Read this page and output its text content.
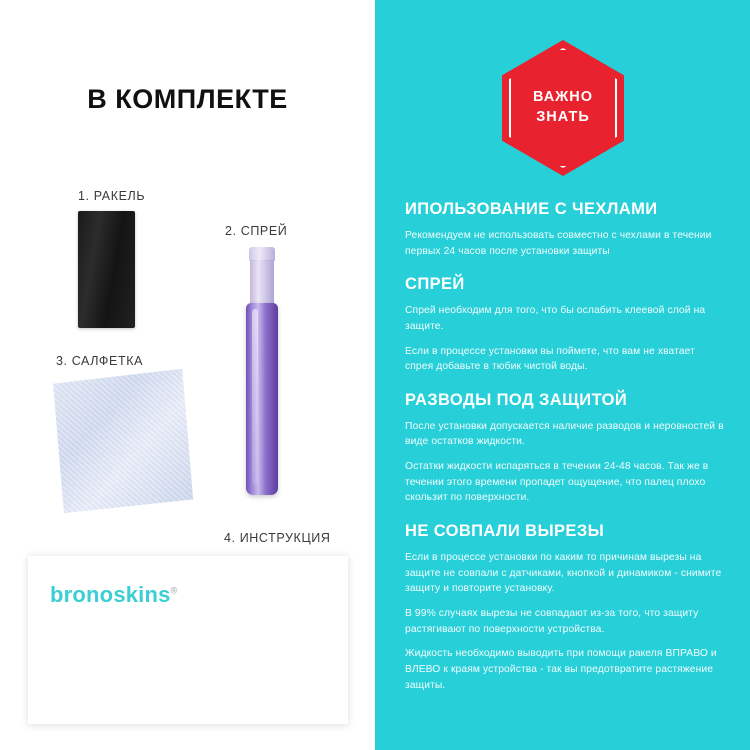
В КОМПЛЕКТЕ
1. РАКЕЛЬ
2. СПРЕЙ
3. САЛФЕТКА
4. ИНСТРУКЦИЯ
bronoskins®
ВАЖНО
ЗНАТЬ
ИПОЛЬЗОВАНИЕ С ЧЕХЛАМИ

Рекомендуем не использовать совместно с чехлами в течении первых 24 часов после установки защиты

СПРЕЙ

Спрей необходим для того, что бы ослабить клеевой слой на защите.

Если в процессе установки вы поймете, что вам не хватает спрея добавьте в тюбик чистой воды.

РАЗВОДЫ ПОД ЗАЩИТОЙ

После установки допускается наличие разводов и неровностей в виде остатков жидкости.

Остатки жидкости испаряться в течении 24-48 часов. Так же в течении этого времени пропадет ощущение, что палец плохо скользит по поверхности.

НЕ СОВПАЛИ ВЫРЕЗЫ

Если в процессе установки по каким то причинам вырезы на защите не совпали с датчиками, кнопкой и динамиком - снимите защиту и повторите установку.

В 99% случаях вырезы не совпадают из-за того, что защиту растягивают по поверхности устройства.

Жидкость необходимо выводить при помощи ракеля ВПРАВО и ВЛЕВО к краям устройства - так вы предотвратите растяжение защиты.
